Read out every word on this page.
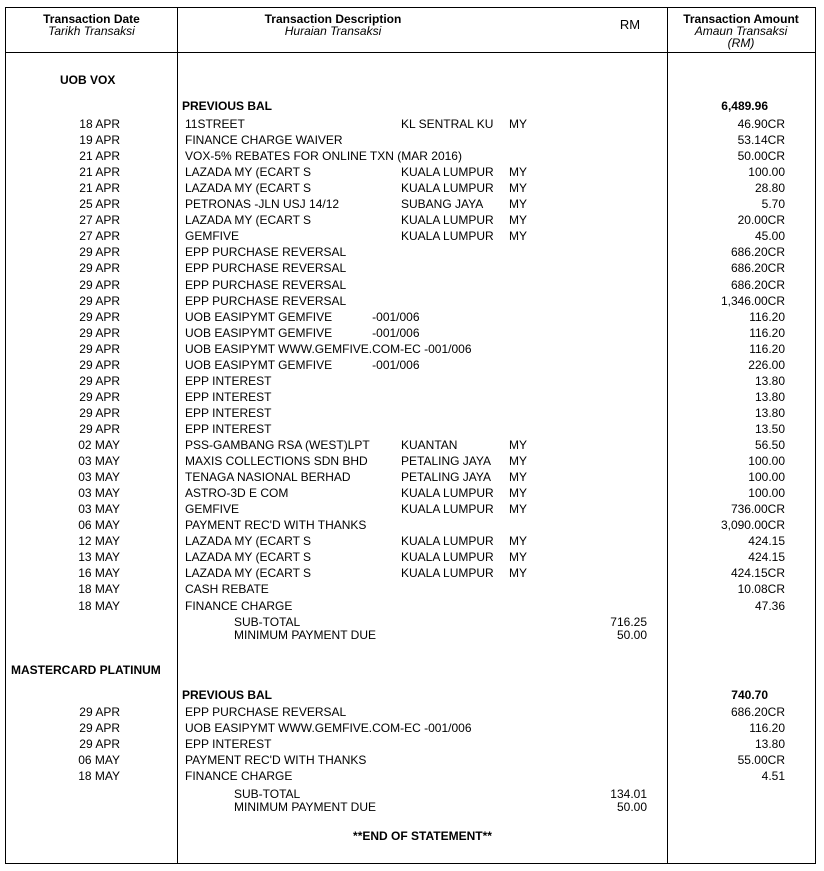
Transaction Date
Tarikh Transaksi
Transaction Description
Huraian Transaksi	RM	Transaction Amount
Amaun Transaksi
(RM)
UOB VOX
PREVIOUS BAL	6,489.96
18 APR	11STREET	KL SENTRAL KU MY	46.90CR
19 APR	FINANCE CHARGE WAIVER	53.14CR
21 APR	VOX-5% REBATES FOR ONLINE TXN (MAR 2016)	50.00CR
21 APR	LAZADA MY (ECART S	KUALA LUMPUR MY	100.00
21 APR	LAZADA MY (ECART S	KUALA LUMPUR MY	28.80
25 APR	PETRONAS -JLN USJ 14/12	SUBANG JAYA MY	5.70
27 APR	LAZADA MY (ECART S	KUALA LUMPUR MY	20.00CR
27 APR	GEMFIVE	KUALA LUMPUR MY	45.00
29 APR	EPP PURCHASE REVERSAL	686.20CR
29 APR	EPP PURCHASE REVERSAL	686.20CR
29 APR	EPP PURCHASE REVERSAL	686.20CR
29 APR	EPP PURCHASE REVERSAL	1,346.00CR
29 APR	UOB EASIPYMT GEMFIVE            -001/006	116.20
29 APR	UOB EASIPYMT GEMFIVE            -001/006	116.20
29 APR	UOB EASIPYMT WWW.GEMFIVE.COM-EC -001/006	116.20
29 APR	UOB EASIPYMT GEMFIVE            -001/006	226.00
29 APR	EPP INTEREST	13.80
29 APR	EPP INTEREST	13.80
29 APR	EPP INTEREST	13.80
29 APR	EPP INTEREST	13.50
02 MAY	PSS-GAMBANG RSA (WEST)LPT	KUANTAN	MY	56.50
03 MAY	MAXIS COLLECTIONS SDN BHD	PETALING JAYA MY	100.00
03 MAY	TENAGA NASIONAL BERHAD	PETALING JAYA MY	100.00
03 MAY	ASTRO-3D E COM	KUALA LUMPUR MY	100.00
03 MAY	GEMFIVE	KUALA LUMPUR MY	736.00CR
06 MAY	PAYMENT REC'D WITH THANKS	3,090.00CR
12 MAY	LAZADA MY (ECART S	KUALA LUMPUR MY	424.15
13 MAY	LAZADA MY (ECART S	KUALA LUMPUR MY	424.15
16 MAY	LAZADA MY (ECART S	KUALA LUMPUR MY	424.15CR
18 MAY	CASH REBATE	10.08CR
18 MAY	FINANCE CHARGE	47.36
SUB-TOTAL	716.25
MINIMUM PAYMENT DUE	50.00
MASTERCARD PLATINUM
PREVIOUS BAL	740.70
29 APR	EPP PURCHASE REVERSAL	686.20CR
29 APR	UOB EASIPYMT WWW.GEMFIVE.COM-EC -001/006	116.20
29 APR	EPP INTEREST	13.80
06 MAY	PAYMENT REC'D WITH THANKS	55.00CR
18 MAY	FINANCE CHARGE	4.51
SUB-TOTAL	134.01
MINIMUM PAYMENT DUE	50.00
**END OF STATEMENT**
